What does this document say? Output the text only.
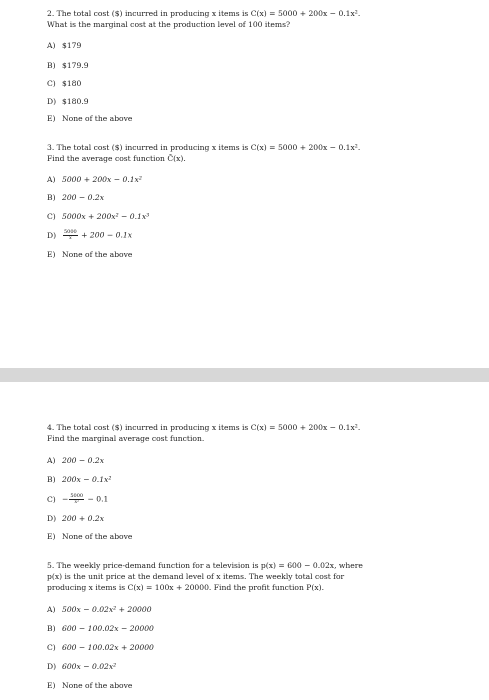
2. The total cost ($) incurred in producing x items is C(x) = 5000 + 200x − 0.1x².
What is the marginal cost at the production level of 100 items?

A) $179
B) $179.9
C) $180
D) $180.9
E) None of the above

3. The total cost ($) incurred in producing x items is C(x) = 5000 + 200x − 0.1x².
Find the average cost function C̄(x).

A) 5000 + 200x − 0.1x²
B) 200 − 0.2x
C) 5000x + 200x² − 0.1x³
$D) \frac{5000}{x} + 200 - 0.1x$
E) None of the above

4. The total cost ($) incurred in producing x items is C(x) = 5000 + 200x − 0.1x².
Find the marginal average cost function.

A) 200 − 0.2x
B) 200x − 0.1x²
$C) - \frac{5000}{\text{x²}} - 0.1$
D) 200 + 0.2x
E) None of the above

5. The weekly price-demand function for a television is p(x) = 600 − 0.02x, where
p(x) is the unit price at the demand level of x items. The weekly total cost for
producing x items is C(x) = 100x + 20000. Find the profit function P(x).

A) 500x − 0.02x² + 20000
B) 600 − 100.02x − 20000
C) 600 − 100.02x + 20000
D) 600x − 0.02x²
E) None of the above
